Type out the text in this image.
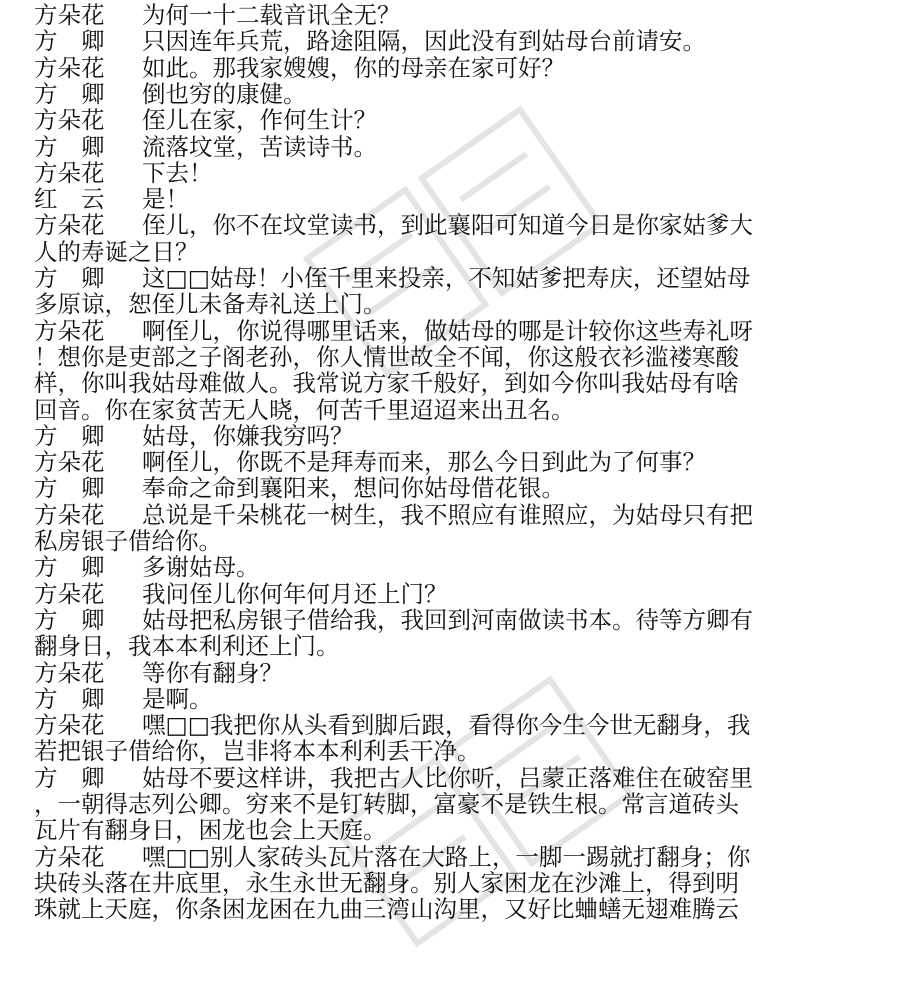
方朵花 为何一十二载音讯全无？
方　卿 只因连年兵荒，路途阻隔，因此没有到姑母台前请安。
方朵花 如此。那我家嫂嫂，你的母亲在家可好？
方　卿 倒也穷的康健。
方朵花 侄儿在家，作何生计？
方　卿 流落坟堂，苦读诗书。
方朵花 下去！
红　云 是！
方朵花 侄儿，你不在坟堂读书，到此襄阳可知道今日是你家姑爹大
人的寿诞之日？
方　卿 这□□姑母！小侄千里来投亲，不知姑爹把寿庆，还望姑母
多原谅，恕侄儿未备寿礼送上门。
方朵花 啊侄儿，你说得哪里话来，做姑母的哪是计较你这些寿礼呀
！想你是吏部之子阁老孙，你人情世故全不闻，你这般衣衫滥褛寒酸
样，你叫我姑母难做人。我常说方家千般好，到如今你叫我姑母有啥
回音。你在家贫苦无人晓，何苦千里迢迢来出丑名。
方　卿 姑母，你嫌我穷吗？
方朵花 啊侄儿，你既不是拜寿而来，那么今日到此为了何事？
方　卿 奉命之命到襄阳来，想问你姑母借花银。
方朵花 总说是千朵桃花一树生，我不照应有谁照应，为姑母只有把
私房银子借给你。
方　卿 多谢姑母。
方朵花 我问侄儿你何年何月还上门？
方　卿 姑母把私房银子借给我，我回到河南做读书本。待等方卿有
翻身日，我本本利利还上门。
方朵花 等你有翻身？
方　卿 是啊。
方朵花 嘿□□我把你从头看到脚后跟，看得你今生今世无翻身，我
若把银子借给你，岂非将本本利利丢干净。
方　卿 姑母不要这样讲，我把古人比你听，吕蒙正落难住在破窑里
，一朝得志列公卿。穷来不是钉转脚，富豪不是铁生根。常言道砖头
瓦片有翻身日，困龙也会上天庭。
方朵花 嘿□□别人家砖头瓦片落在大路上，一脚一踢就打翻身；你
块砖头落在井底里，永生永世无翻身。别人家困龙在沙滩上，得到明
珠就上天庭，你条困龙困在九曲三湾山沟里，又好比蛐蟮无翅难腾云
